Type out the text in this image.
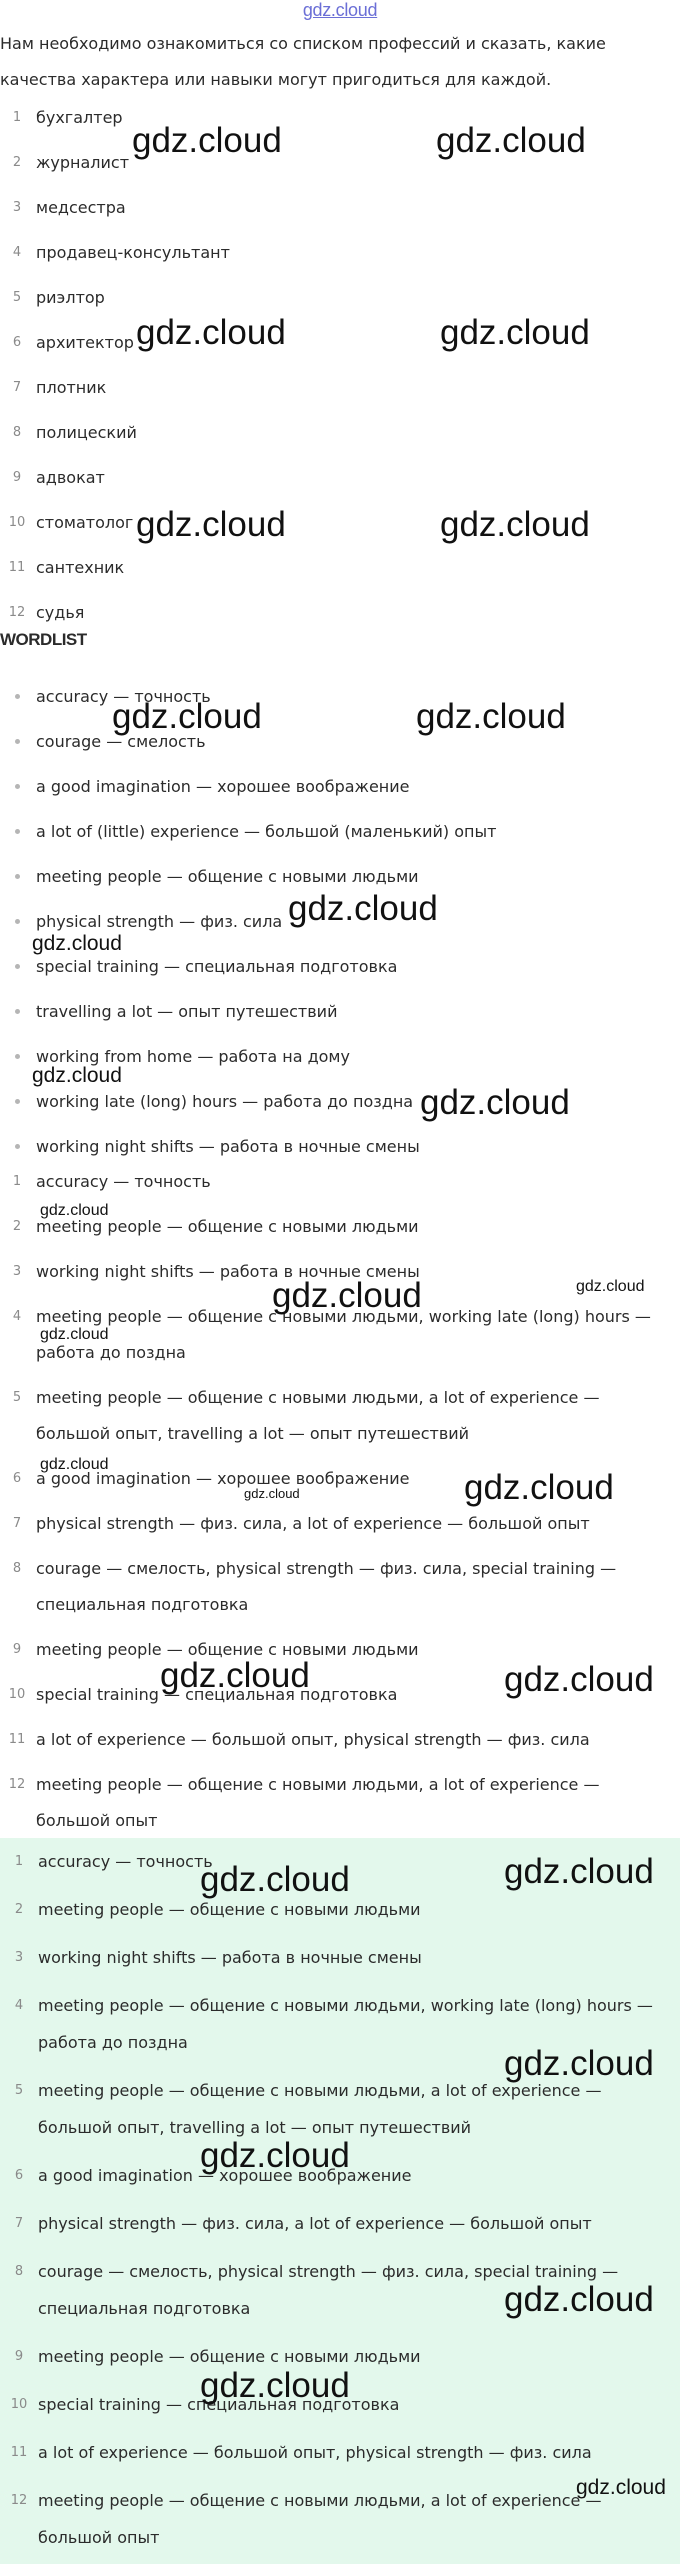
gdz.cloud
Нам необходимо ознакомиться со списком профессий и сказать, какие качества характера или навыки могут пригодиться для каждой.
1 бухгалтер
2 журналист
3 медсестра
4 продавец-консультант
5 риэлтор
6 архитектор
7 плотник
8 полицеский
9 адвокат
10 стоматолог
11 сантехник
12 судья
WORDLIST
accuracy — точность
courage — смелость
a good imagination — хорошее воображение
a lot of (little) experience — большой (маленький) опыт
meeting people — общение с новыми людьми
physical strength — физ. сила
special training — специальная подготовка
travelling a lot — опыт путешествий
working from home — работа на дому
working late (long) hours — работа до поздна
working night shifts — работа в ночные смены
1 accuracy — точность
2 meeting people — общение с новыми людьми
3 working night shifts — работа в ночные смены
4 meeting people — общение с новыми людьми, working late (long) hours — работа до поздна
5 meeting people — общение с новыми людьми, a lot of experience — большой опыт, travelling a lot — опыт путешествий
6 a good imagination — хорошее воображение
7 physical strength — физ. сила, a lot of experience — большой опыт
8 courage — смелость, physical strength — физ. сила, special training — специальная подготовка
9 meeting people — общение с новыми людьми
10 special training — специальная подготовка
11 a lot of experience — большой опыт, physical strength — физ. сила
12 meeting people — общение с новыми людьми, a lot of experience — большой опыт
1 accuracy — точность
2 meeting people — общение с новыми людьми
3 working night shifts — работа в ночные смены
4 meeting people — общение с новыми людьми, working late (long) hours — работа до поздна
5 meeting people — общение с новыми людьми, a lot of experience — большой опыт, travelling a lot — опыт путешествий
6 a good imagination — хорошее воображение
7 physical strength — физ. сила, a lot of experience — большой опыт
8 courage — смелость, physical strength — физ. сила, special training — специальная подготовка
9 meeting people — общение с новыми людьми
10 special training — специальная подготовка
11 a lot of experience — большой опыт, physical strength — физ. сила
12 meeting people — общение с новыми людьми, a lot of experience — большой опыт
gdz.cloud	gdz.cloud
gdz.cloud	gdz.cloud
gdz.cloud	gdz.cloud
gdz.cloud	gdz.cloud
gdz.cloud
gdz.cloud
gdz.cloud
gdz.cloud
gdz.cloud
gdz.cloud
gdz.cloud
gdz.cloud
gdz.cloud
gdz.cloud	gdz.cloud
gdz.cloud	gdz.cloud
gdz.cloud
gdz.cloud
gdz.cloud
gdz.cloud
gdz.cloud
gdz.cloud
gdz.cloud
